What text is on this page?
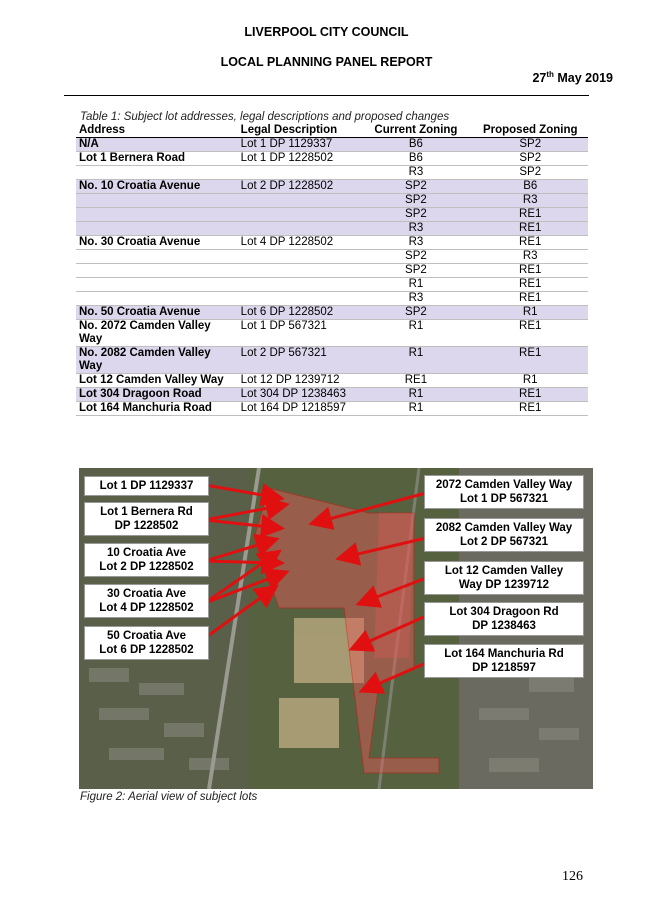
LIVERPOOL CITY COUNCIL
LOCAL PLANNING PANEL REPORT
27th May 2019
Table 1: Subject lot addresses, legal descriptions and proposed changes
Address	Legal Description	Current Zoning	Proposed Zoning
N/A	Lot 1 DP 1129337	B6	SP2
Lot 1 Bernera Road	Lot 1 DP 1228502	B6	SP2
		R3	SP2
No. 10 Croatia Avenue	Lot 2 DP 1228502	SP2	B6
		SP2	R3
		SP2	RE1
		R3	RE1
No. 30 Croatia Avenue	Lot 4 DP 1228502	R3	RE1
		SP2	R3
		SP2	RE1
		R1	RE1
		R3	RE1
No. 50 Croatia Avenue	Lot 6 DP 1228502	SP2	R1
No. 2072 Camden Valley Way	Lot 1 DP 567321	R1	RE1
No. 2082 Camden Valley Way	Lot 2 DP 567321	R1	RE1
Lot 12 Camden Valley Way	Lot 12 DP 1239712	RE1	R1
Lot 304 Dragoon Road	Lot 304 DP 1238463	R1	RE1
Lot 164 Manchuria Road	Lot 164 DP 1218597	R1	RE1
Lot 1 DP 1129337
Lot 1 Bernera Rd
DP 1228502
10 Croatia Ave
Lot 2 DP 1228502
30 Croatia Ave
Lot 4 DP 1228502
50 Croatia Ave
Lot 6 DP 1228502
2072 Camden Valley Way
Lot 1 DP 567321
2082 Camden Valley Way
Lot 2 DP 567321
Lot 12 Camden Valley
Way DP 1239712
Lot 304 Dragoon Rd
DP 1238463
Lot 164 Manchuria Rd
DP 1218597
Figure 2: Aerial view of subject lots
126
